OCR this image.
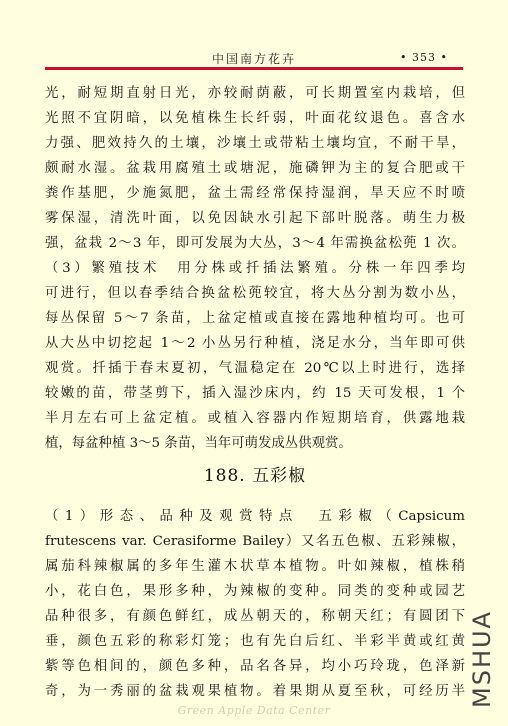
中国南方花卉	• 353 •
光，耐短期直射日光，亦较耐荫蔽，可长期置室内栽培，但
光照不宜阴暗，以免植株生长纤弱，叶面花纹退色。喜含水
力强、肥效持久的土壤，沙壤土或带粘土壤均宜，不耐干旱，
颇耐水湿。盆栽用腐殖土或塘泥，施磷钾为主的复合肥或干
粪作基肥，少施氮肥，盆土需经常保持湿润，旱天应不时喷
雾保湿，清洗叶面，以免因缺水引起下部叶脱落。萌生力极
强，盆栽 2～3 年，即可发展为大丛，3～4 年需换盆松蔸 1 次。
（3）繁殖技术　用分株或扦插法繁殖。分株一年四季均
可进行，但以春季结合换盆松蔸较宜，将大丛分割为数小丛，
每丛保留 5～7 条苗，上盆定植或直接在露地种植均可。也可
从大丛中切挖起 1～2 小丛另行种植，浇足水分，当年即可供
观赏。扦插于春末夏初，气温稳定在 20℃以上时进行，选择
较嫩的苗，带茎剪下，插入湿沙床内，约 15 天可发根，1 个
半月左右可上盆定植。或植入容器内作短期培育，供露地栽
植，每盆种植 3～5 条苗，当年可萌发成丛供观赏。
188. 五彩椒
（1）形态、品种及观赏特点　五彩椒（Capsicum
frutescens var. Cerasiforme Bailey）又名五色椒、五彩辣椒，
属茄科辣椒属的多年生灌木状草本植物。叶如辣椒，植株稍
小，花白色，果形多种，为辣椒的变种。同类的变种或园艺
品种很多，有颜色鲜红，成丛朝天的，称朝天红；有圆团下
垂，颜色五彩的称彩灯笼；也有先白后红、半彩半黄或红黄
紫等色相间的，颜色多种，品名各异，均小巧玲珑，色泽新
奇，为一秀丽的盆栽观果植物。着果期从夏至秋，可经历半 MSHUA
Green Apple Data Center
